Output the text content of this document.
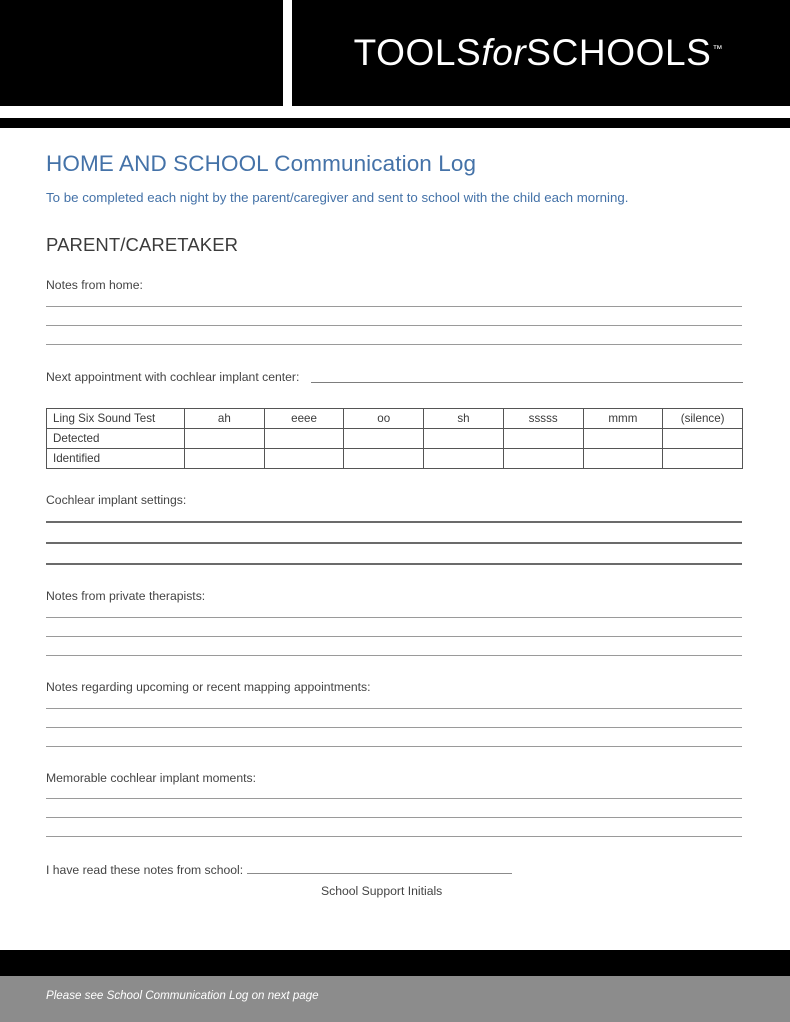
TOOLSforSCHOOLS™
HOME AND SCHOOL Communication Log

To be completed each night by the parent/caregiver and sent to school with the child each morning.

PARENT/CARETAKER

Notes from home:

Next appointment with cochlear implant center:
Ling Six Sound Test	ah	eeee	oo	sh	sssss	mmm	(silence)
Detected							
Identified							

Cochlear implant settings:

Notes from private therapists:

Notes regarding upcoming or recent mapping appointments:

Memorable cochlear implant moments:

I have read these notes from school:

School Support Initials

Please see School Communication Log on next page
